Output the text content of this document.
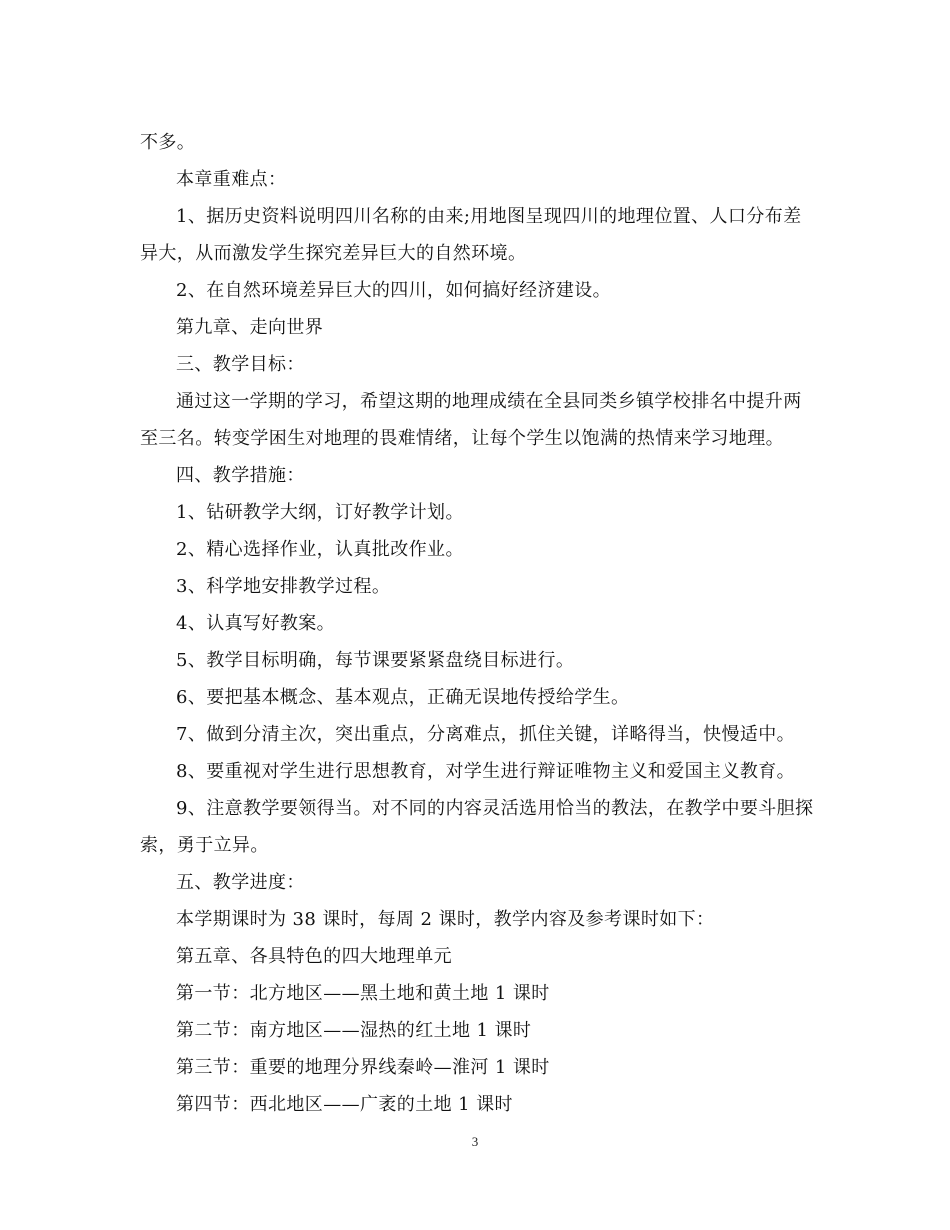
不多。

本章重难点：

1、据历史资料说明四川名称的由来;用地图呈现四川的地理位置、人口分布差异大，从而激发学生探究差异巨大的自然环境。

2、在自然环境差异巨大的四川，如何搞好经济建设。

第九章、走向世界

三、教学目标：

通过这一学期的学习，希望这期的地理成绩在全县同类乡镇学校排名中提升两至三名。转变学困生对地理的畏难情绪，让每个学生以饱满的热情来学习地理。

四、教学措施：

1、钻研教学大纲，订好教学计划。

2、精心选择作业，认真批改作业。

3、科学地安排教学过程。

4、认真写好教案。

5、教学目标明确，每节课要紧紧盘绕目标进行。

6、要把基本概念、基本观点，正确无误地传授给学生。

7、做到分清主次，突出重点，分离难点，抓住关键，详略得当，快慢适中。

8、要重视对学生进行思想教育，对学生进行辩证唯物主义和爱国主义教育。

9、注意教学要领得当。对不同的内容灵活选用恰当的教法，在教学中要斗胆探索，勇于立异。

五、教学进度：

本学期课时为 38 课时，每周 2 课时，教学内容及参考课时如下：

第五章、各具特色的四大地理单元

第一节：北方地区——黑土地和黄土地 1 课时

第二节：南方地区——湿热的红土地 1 课时

第三节：重要的地理分界线秦岭—淮河 1 课时

第四节：西北地区——广袤的土地 1 课时

3
